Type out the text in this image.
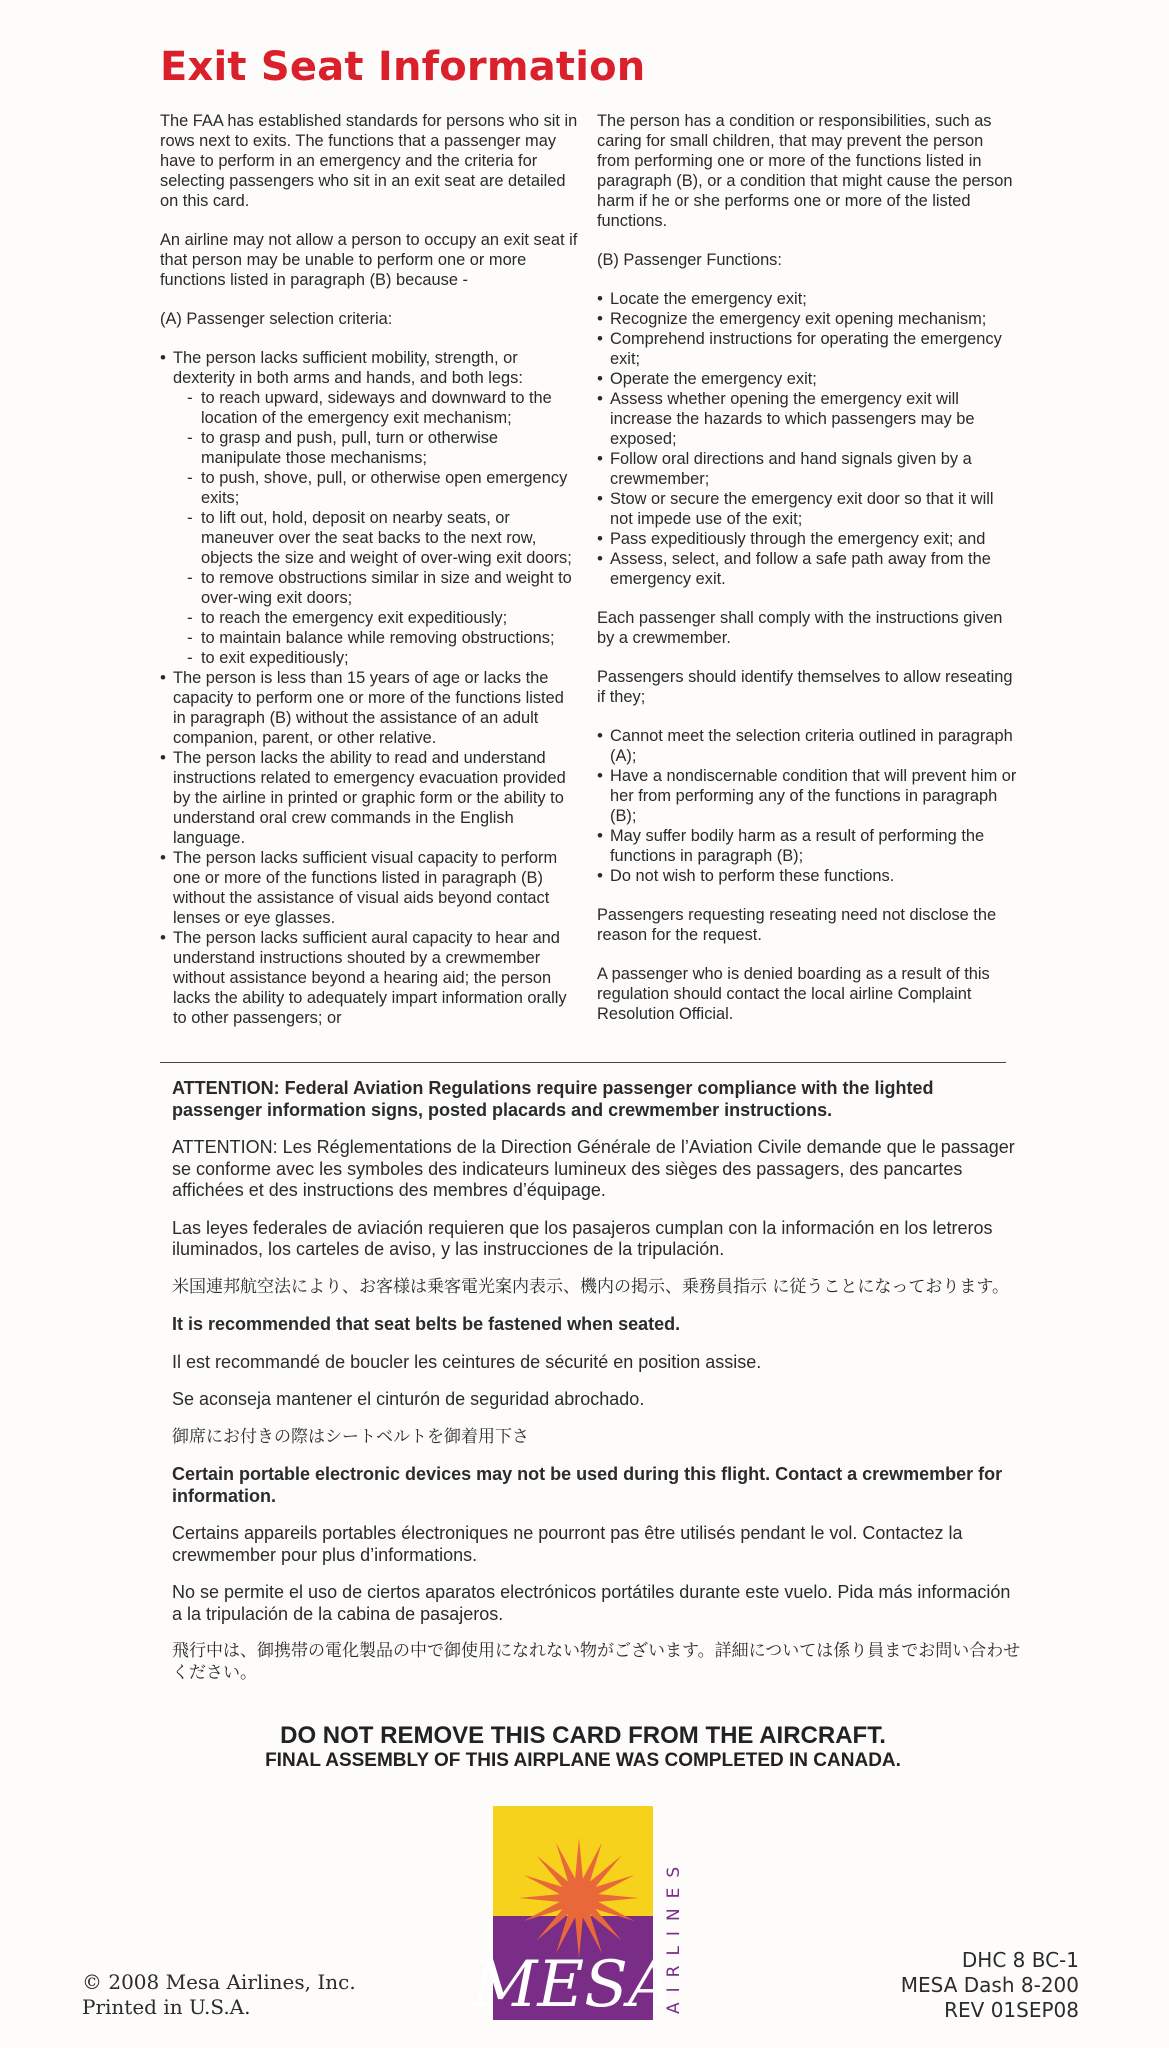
Exit Seat Information

The FAA has established standards for persons who sit in rows next to exits. The functions that a passenger may have to perform in an emergency and the criteria for selecting passengers who sit in an exit seat are detailed on this card.

An airline may not allow a person to occupy an exit seat if that person may be unable to perform one or more functions listed in paragraph (B) because -

(A) Passenger selection criteria:

• The person lacks sufficient mobility, strength, or dexterity in both arms and hands, and both legs:
- to reach upward, sideways and downward to the location of the emergency exit mechanism;
- to grasp and push, pull, turn or otherwise manipulate those mechanisms;
- to push, shove, pull, or otherwise open emergency exits;
- to lift out, hold, deposit on nearby seats, or maneuver over the seat backs to the next row, objects the size and weight of over-wing exit doors;
- to remove obstructions similar in size and weight to over-wing exit doors;
- to reach the emergency exit expeditiously;
- to maintain balance while removing obstructions;
- to exit expeditiously;
• The person is less than 15 years of age or lacks the capacity to perform one or more of the functions listed in paragraph (B) without the assistance of an adult companion, parent, or other relative.
• The person lacks the ability to read and understand instructions related to emergency evacuation provided by the airline in printed or graphic form or the ability to understand oral crew commands in the English language.
• The person lacks sufficient visual capacity to perform one or more of the functions listed in paragraph (B) without the assistance of visual aids beyond contact lenses or eye glasses.
• The person lacks sufficient aural capacity to hear and understand instructions shouted by a crewmember without assistance beyond a hearing aid; the person lacks the ability to adequately impart information orally to other passengers; or

The person has a condition or responsibilities, such as caring for small children, that may prevent the person from performing one or more of the functions listed in paragraph (B), or a condition that might cause the person harm if he or she performs one or more of the listed functions.

(B) Passenger Functions:

• Locate the emergency exit;
• Recognize the emergency exit opening mechanism;
• Comprehend instructions for operating the emergency exit;
• Operate the emergency exit;
• Assess whether opening the emergency exit will increase the hazards to which passengers may be exposed;
• Follow oral directions and hand signals given by a crewmember;
• Stow or secure the emergency exit door so that it will not impede use of the exit;
• Pass expeditiously through the emergency exit; and
• Assess, select, and follow a safe path away from the emergency exit.

Each passenger shall comply with the instructions given by a crewmember.

Passengers should identify themselves to allow reseating if they;

• Cannot meet the selection criteria outlined in paragraph (A);
• Have a nondiscernable condition that will prevent him or her from performing any of the functions in paragraph (B);
• May suffer bodily harm as a result of performing the functions in paragraph (B);
• Do not wish to perform these functions.

Passengers requesting reseating need not disclose the reason for the request.

A passenger who is denied boarding as a result of this regulation should contact the local airline Complaint Resolution Official.

ATTENTION: Federal Aviation Regulations require passenger compliance with the lighted passenger information signs, posted placards and crewmember instructions.

ATTENTION: Les Réglementations de la Direction Générale de l’Aviation Civile demande que le passager se conforme avec les symboles des indicateurs lumineux des sièges des passagers, des pancartes affichées et des instructions des membres d’équipage.

Las leyes federales de aviación requieren que los pasajeros cumplan con la información en los letreros iluminados, los carteles de aviso, y las instrucciones de la tripulación.

米国連邦航空法により、お客様は乗客電光案内表示、機内の掲示、乗務員指示 に従うことになっております。

It is recommended that seat belts be fastened when seated.

Il est recommandé de boucler les ceintures de sécurité en position assise.

Se aconseja mantener el cinturón de seguridad abrochado.

御席にお付きの際はシートベルトを御着用下さ

Certain portable electronic devices may not be used during this flight. Contact a crewmember for information.

Certains appareils portables électroniques ne pourront pas être utilisés pendant le vol. Contactez la crewmember pour plus d’informations.

No se permite el uso de ciertos aparatos electrónicos portátiles durante este vuelo. Pida más información a la tripulación de la cabina de pasajeros.

飛行中は、御携帯の電化製品の中で御使用になれない物がございます。詳細については係り員までお問い合わせください。

DO NOT REMOVE THIS CARD FROM THE AIRCRAFT.
FINAL ASSEMBLY OF THIS AIRPLANE WAS COMPLETED IN CANADA.
MESA
AIRLINES
© 2008 Mesa Airlines, Inc.
Printed in U.S.A.
DHC 8 BC-1
MESA Dash 8-200
REV 01SEP08
